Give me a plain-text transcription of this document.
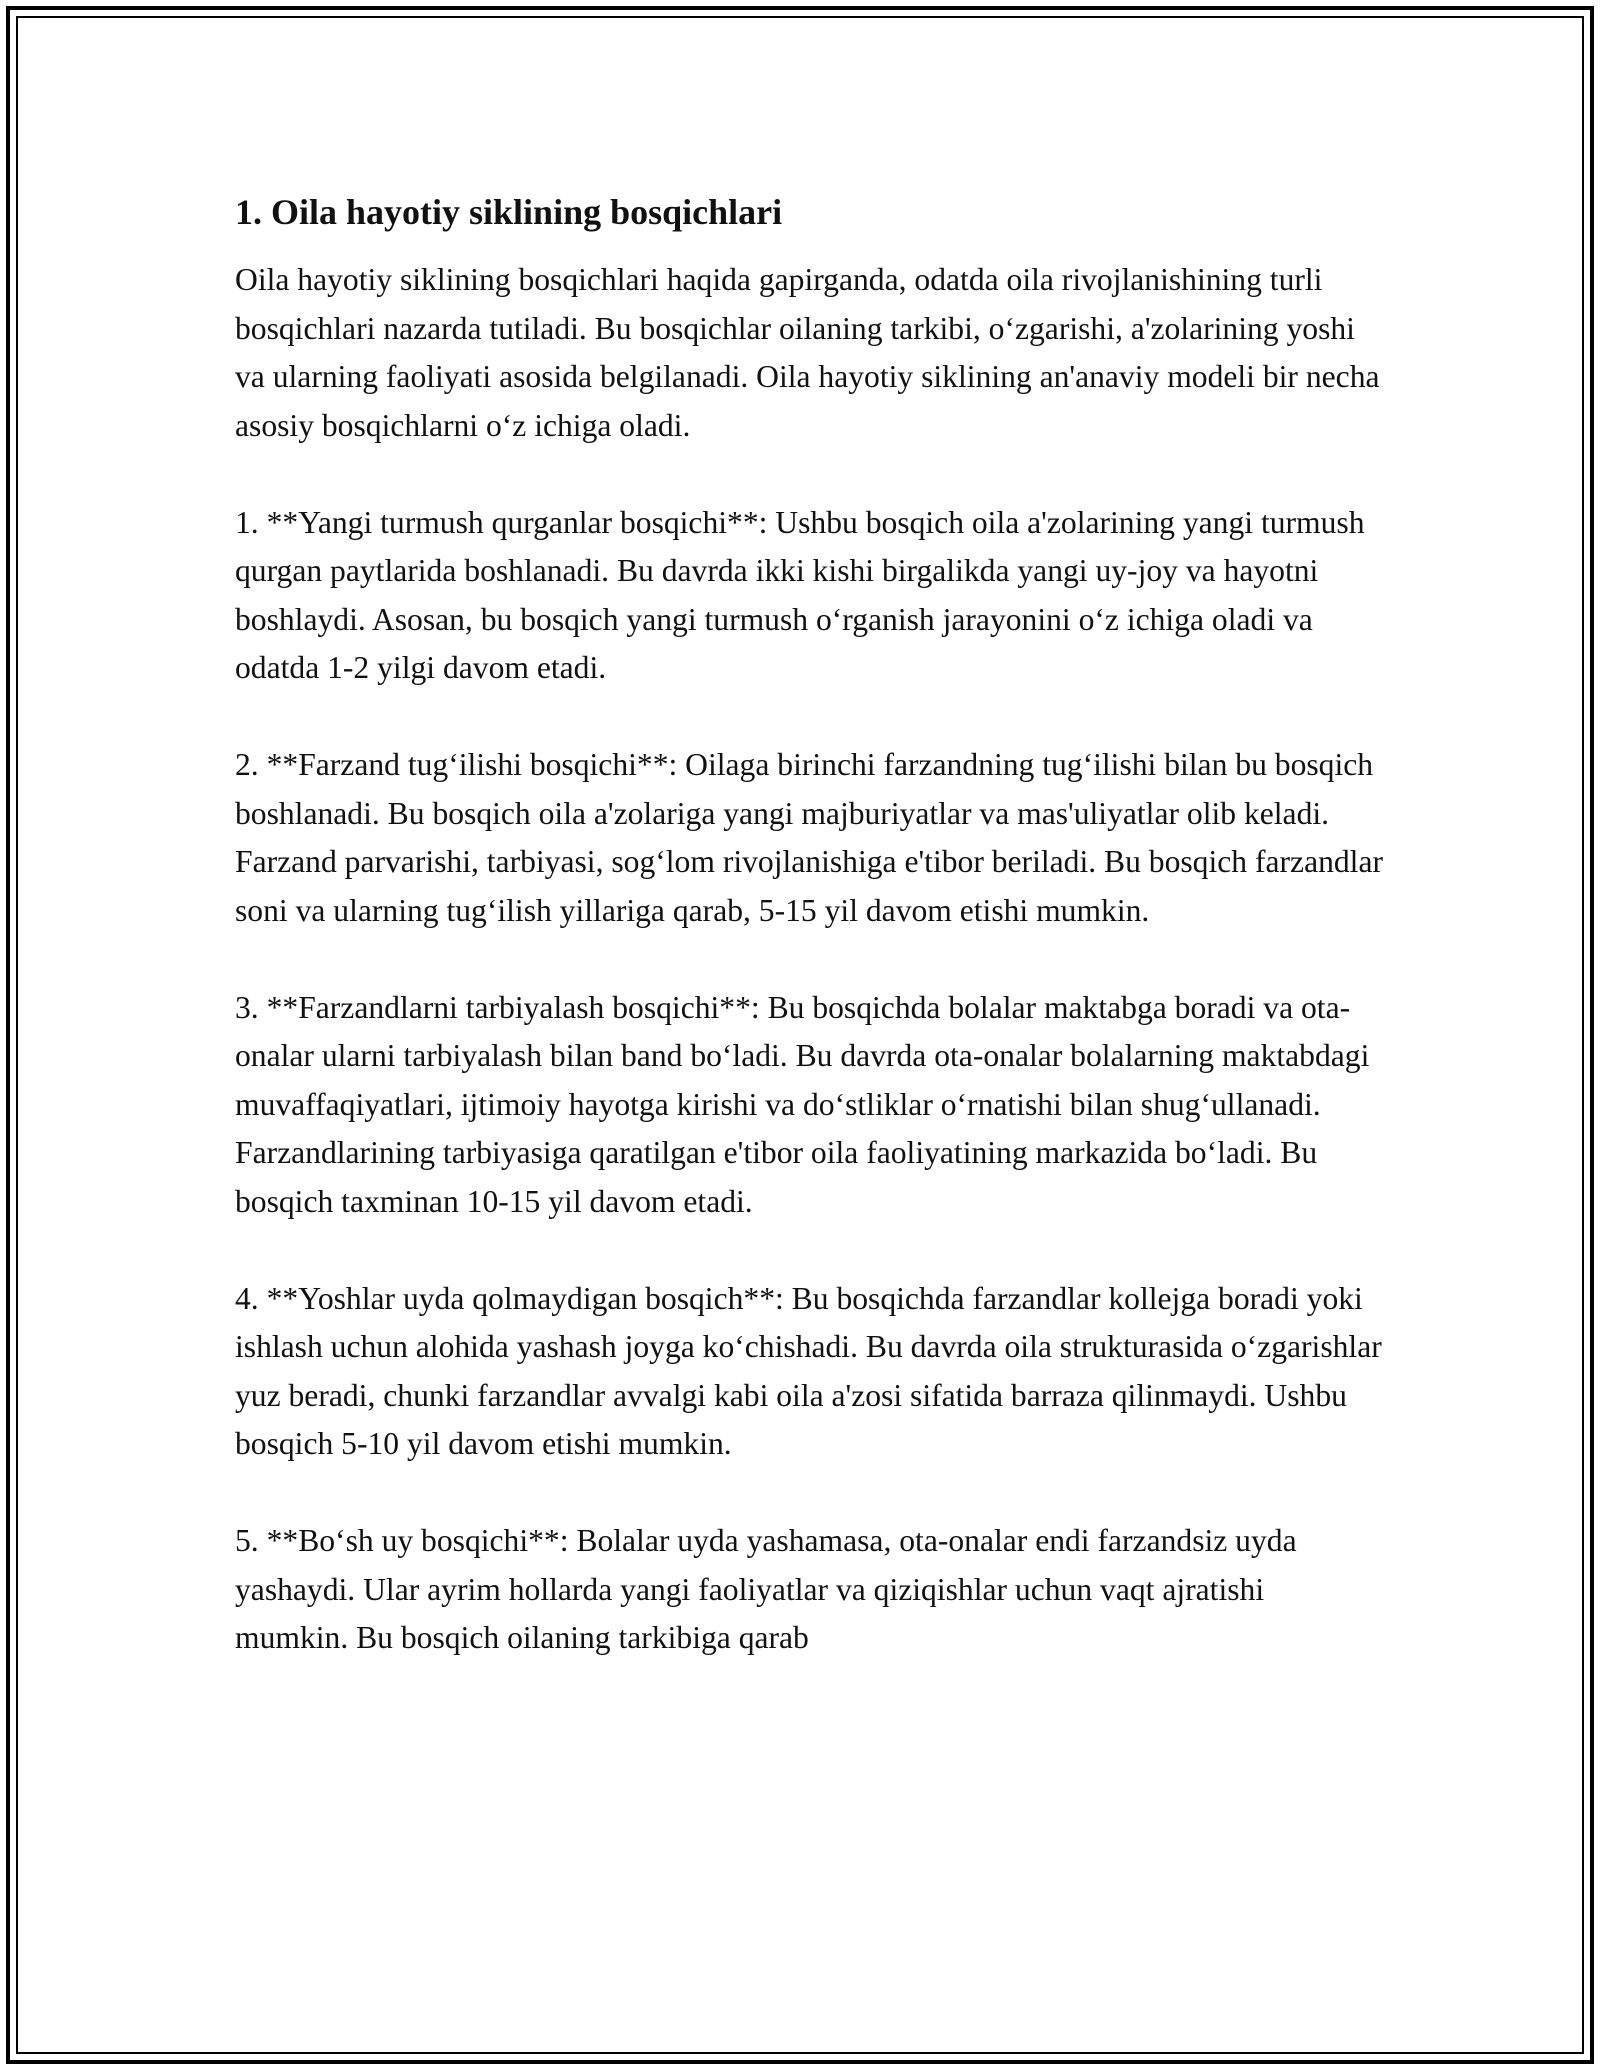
1. Oila hayotiy siklining bosqichlari

Oila hayotiy siklining bosqichlari haqida gapirganda, odatda oila rivojlanishining turli bosqichlari nazarda tutiladi. Bu bosqichlar oilaning tarkibi, o‘zgarishi, a'zolarining yoshi va ularning faoliyati asosida belgilanadi. Oila hayotiy siklining an'anaviy modeli bir necha asosiy bosqichlarni o‘z ichiga oladi.

1. **Yangi turmush qurganlar bosqichi**: Ushbu bosqich oila a'zolarining yangi turmush qurgan paytlarida boshlanadi. Bu davrda ikki kishi birgalikda yangi uy-joy va hayotni boshlaydi. Asosan, bu bosqich yangi turmush o‘rganish jarayonini o‘z ichiga oladi va odatda 1-2 yilgi davom etadi.

2. **Farzand tug‘ilishi bosqichi**: Oilaga birinchi farzandning tug‘ilishi bilan bu bosqich boshlanadi. Bu bosqich oila a'zolariga yangi majburiyatlar va mas'uliyatlar olib keladi. Farzand parvarishi, tarbiyasi, sog‘lom rivojlanishiga e'tibor beriladi. Bu bosqich farzandlar soni va ularning tug‘ilish yillariga qarab, 5-15 yil davom etishi mumkin.

3. **Farzandlarni tarbiyalash bosqichi**: Bu bosqichda bolalar maktabga boradi va ota-onalar ularni tarbiyalash bilan band bo‘ladi. Bu davrda ota-onalar bolalarning maktabdagi muvaffaqiyatlari, ijtimoiy hayotga kirishi va do‘stliklar o‘rnatishi bilan shug‘ullanadi. Farzandlarining tarbiyasiga qaratilgan e'tibor oila faoliyatining markazida bo‘ladi. Bu bosqich taxminan 10-15 yil davom etadi.

4. **Yoshlar uyda qolmaydigan bosqich**: Bu bosqichda farzandlar kollejga boradi yoki ishlash uchun alohida yashash joyga ko‘chishadi. Bu davrda oila strukturasida o‘zgarishlar yuz beradi, chunki farzandlar avvalgi kabi oila a'zosi sifatida barraza qilinmaydi. Ushbu bosqich 5-10 yil davom etishi mumkin.

5. **Bo‘sh uy bosqichi**: Bolalar uyda yashamasa, ota-onalar endi farzandsiz uyda yashaydi. Ular ayrim hollarda yangi faoliyatlar va qiziqishlar uchun vaqt ajratishi mumkin. Bu bosqich oilaning tarkibiga qarab
